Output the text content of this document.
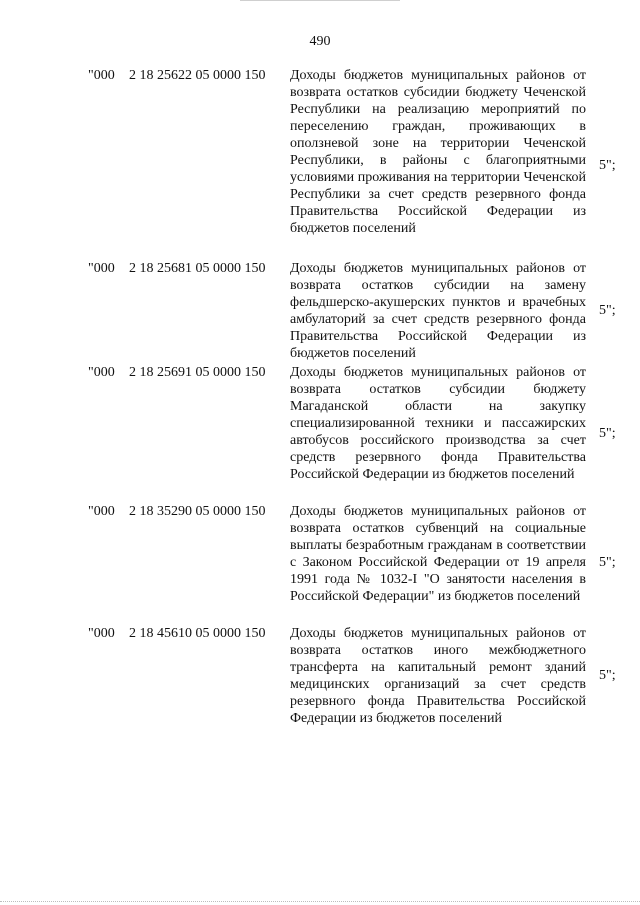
490
"000 2 18 25622 05 0000 150 Доходы бюджетов муниципальных районов от возврата остатков субсидии бюджету Чеченской Республики на реализацию мероприятий по переселению граждан, проживающих в оползневой зоне на территории Чеченской Республики, в районы с благоприятными условиями проживания на территории Чеченской Республики за счет средств резервного фонда Правительства Российской Федерации из бюджетов поселений
5";
"000 2 18 25681 05 0000 150 Доходы бюджетов муниципальных районов от возврата остатков субсидии на замену фельдшерско-акушерских пунктов и врачебных амбулаторий за счет средств резервного фонда Правительства Российской Федерации из бюджетов поселений
5";
"000 2 18 25691 05 0000 150 Доходы бюджетов муниципальных районов от возврата остатков субсидии бюджету Магаданской области на закупку специализированной техники и пассажирских автобусов российского производства за счет средств резервного фонда Правительства Российской Федерации из бюджетов поселений
5";
"000 2 18 35290 05 0000 150 Доходы бюджетов муниципальных районов от возврата остатков субвенций на социальные выплаты безработным гражданам в соответствии с Законом Российской Федерации от 19 апреля 1991 года № 1032-I "О занятости населения в Российской Федерации" из бюджетов поселений
5";
"000 2 18 45610 05 0000 150 Доходы бюджетов муниципальных районов от возврата остатков иного межбюджетного трансферта на капитальный ремонт зданий медицинских организаций за счет средств резервного фонда Правительства Российской Федерации из бюджетов поселений
5";
